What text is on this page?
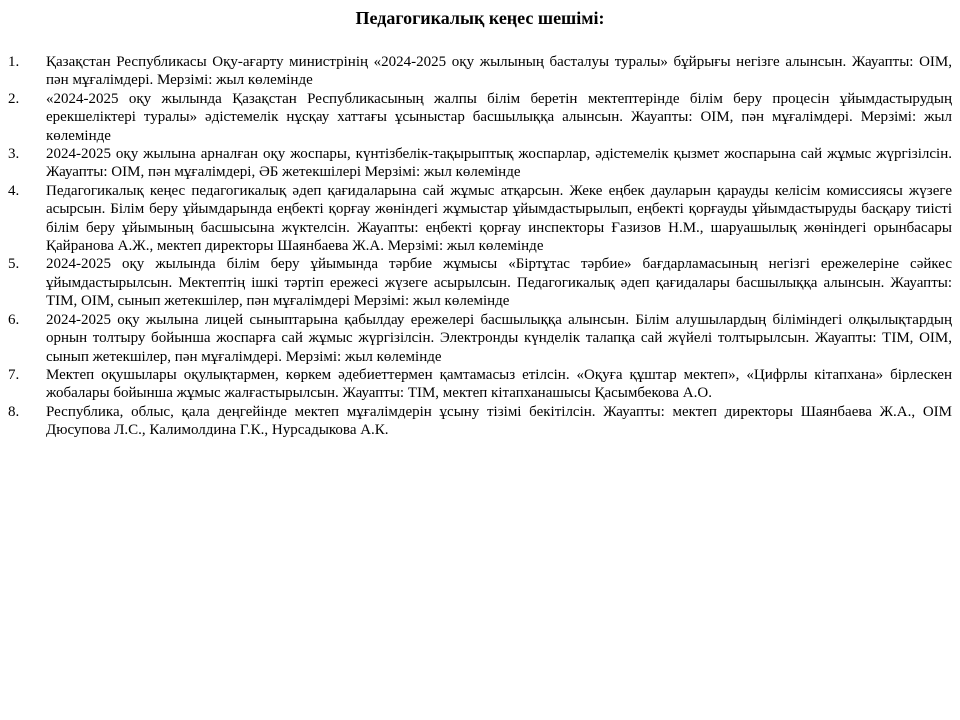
Педагогикалық кеңес шешімі:
1.	Қазақстан Республикасы Оқу-ағарту министрінің «2024-2025 оқу жылының басталуы туралы» бұйрығы негізге алынсын. Жауапты: ОІМ, пән мұғалімдері. Мерзімі: жыл көлемінде
2.	«2024-2025 оқу жылында Қазақстан Республикасының жалпы білім беретін мектептерінде білім беру процесін ұйымдастырудың ерекшеліктері туралы» әдістемелік нұсқау хаттағы ұсыныстар басшылыққа алынсын. Жауапты: ОІМ, пән мұғалімдері. Мерзімі: жыл көлемінде
3.	2024-2025 оқу жылына арналған оқу жоспары, күнтізбелік-тақырыптық жоспарлар, әдістемелік қызмет жоспарына сай жұмыс жүргізілсін. Жауапты: ОІМ, пән мұғалімдері, ӘБ жетекшілері Мерзімі: жыл көлемінде
4.	Педагогикалық кеңес педагогикалық әдеп қағидаларына сай жұмыс атқарсын. Жеке еңбек дауларын қарауды келісім комиссиясы жүзеге асырсын. Білім беру ұйымдарында еңбекті қорғау жөніндегі жұмыстар ұйымдастырылып, еңбекті қорғауды ұйымдастыруды басқару тиісті білім беру ұйымының басшысына жүктелсін. Жауапты: еңбекті қорғау инспекторы Ғазизов Н.М., шаруашылық жөніндегі орынбасары Қайранова А.Ж., мектеп директоры Шаянбаева Ж.А. Мерзімі: жыл көлемінде
5.	2024-2025 оқу жылында білім беру ұйымында тәрбие жұмысы «Біртұтас тәрбие» бағдарламасының негізгі ережелеріне сәйкес ұйымдастырылсын. Мектептің ішкі тәртіп ережесі жүзеге асырылсын. Педагогикалық әдеп қағидалары басшылыққа алынсын. Жауапты: ТІМ, ОІМ, сынып жетекшілер, пән мұғалімдері Мерзімі: жыл көлемінде
6.	2024-2025 оқу жылына лицей сыныптарына қабылдау ережелері басшылыққа алынсын. Білім алушылардың біліміндегі олқылықтардың орнын толтыру бойынша жоспарға сай жұмыс жүргізілсін. Электронды күнделік талапқа сай жүйелі толтырылсын. Жауапты: ТІМ, ОІМ, сынып жетекшілер, пән мұғалімдері. Мерзімі: жыл көлемінде
7.	Мектеп оқушылары оқулықтармен, көркем әдебиеттермен қамтамасыз етілсін. «Оқуға құштар мектеп», «Цифрлы кітапхана» бірлескен жобалары бойынша жұмыс жалғастырылсын. Жауапты: ТІМ, мектеп кітапханашысы Қасымбекова А.О.
8.	Республика, облыс, қала деңгейінде мектеп мұғалімдерін ұсыну тізімі бекітілсін. Жауапты: мектеп директоры Шаянбаева Ж.А., ОІМ Дюсупова Л.С., Калимолдина Г.К., Нурсадыкова А.К.
